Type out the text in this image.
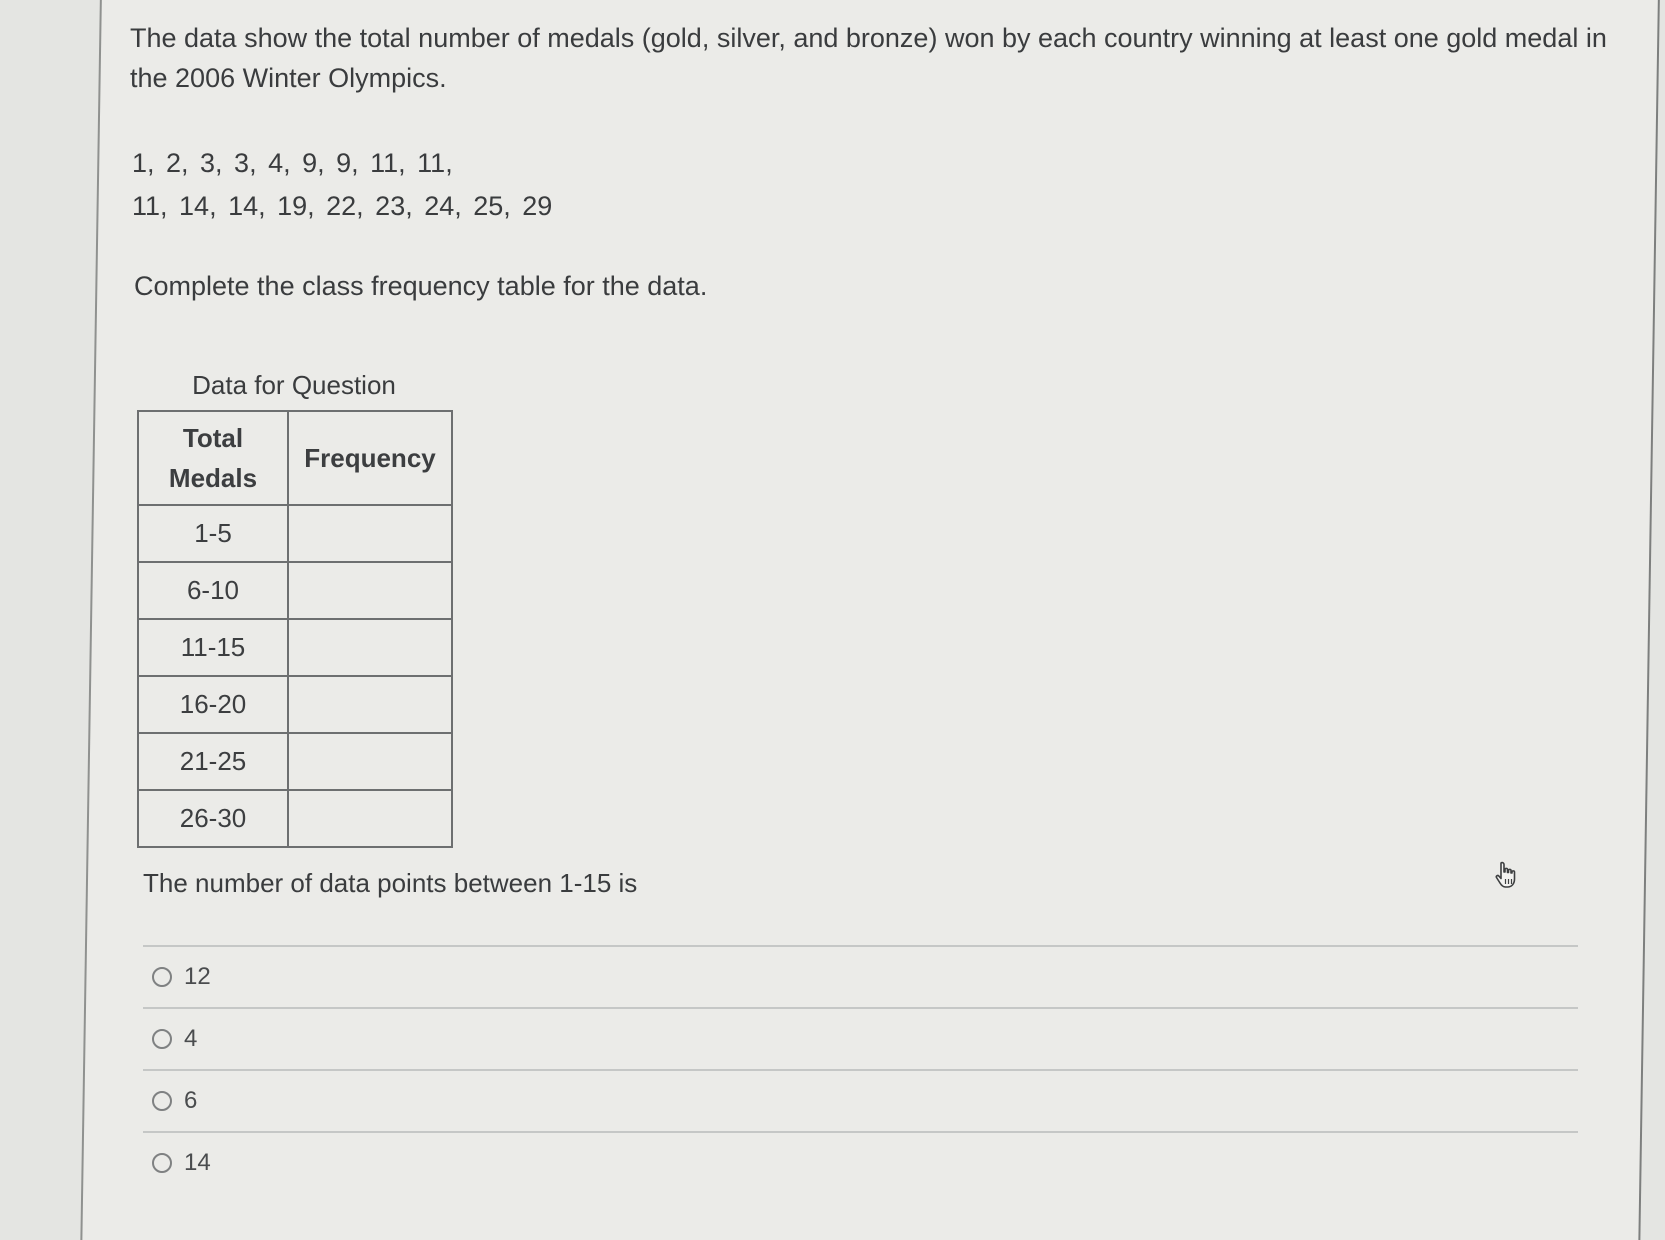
The data show the total number of medals (gold, silver, and bronze) won by each country winning at least one gold medal in the 2006 Winter Olympics.

1, 2, 3, 3, 4, 9, 9, 11, 11,
11, 14, 14, 19, 22, 23, 24, 25, 29
Complete the class frequency table for the data.
Data for Question
Total
Medals	Frequency
1-5	
6-10	
11-15	
16-20	
21-25	
26-30	
The number of data points between 1-15 is
12
4
6
14
